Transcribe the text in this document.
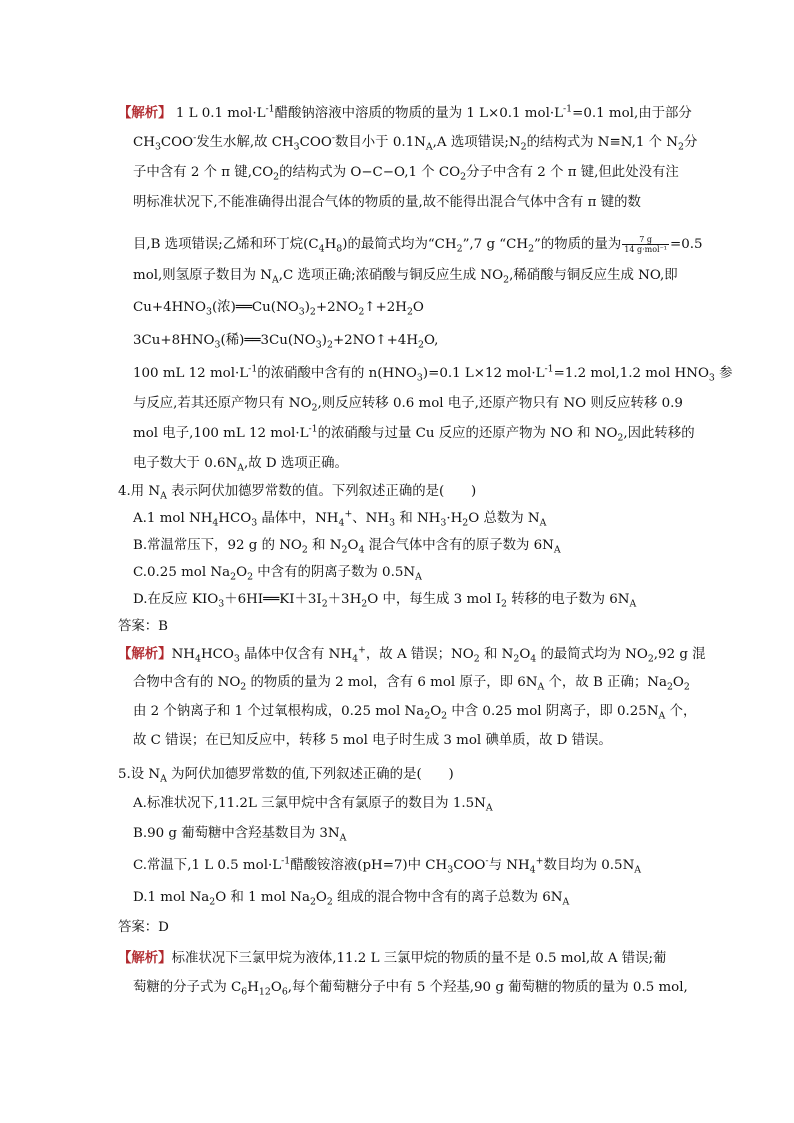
【解析】 1 L 0.1 $mol\cdot L^{-1}$醋酸钠溶液中溶质的物质的量为 1 L×0.1 $mol\cdot L^{-1}=0.1$ mol,由于部分
$CH_3COO^-$发生水解,故 $CH_3COO^-$数目小于 $0.1N_A,A$ 选项错误$;N_2$的结构式为 N≡N,1 个 $N_2$分
子中含有 2 个 π 键$,CO_2$的结构式为 O−C−O,1 个 $CO_2$分子中含有 2 个 π 键,但此处没有注
明标准状况下,不能准确得出混合气体的物质的量,故不能得出混合气体中含有 π 键的数
目,B 选项错误;乙烯和环丁烷$(C_4H_8)$的最简式均为“$CH_2”,7$ g “$CH_2$”的物质的量为 $\frac{7 g}{\text{14 g·mol⁻¹}} =0.5$
mol,则氢原子数目为 $N_A,C$ 选项正确;浓硝酸与铜反应生成 $NO_2$,稀硝酸与铜反应生成 NO,即
$Cu+4HNO_3$(浓)$══Cu(NO_3)_2+2NO_2↑+2H_2O$
$3Cu+8HNO_3$(稀)$══3Cu(NO_3)_2+2NO↑+4H_2O$,
100 mL 12 $mol\cdot L^{-1}$的浓硝酸中含有的 $n(HNO_3)=0.1$ L×12 $mol\cdot L^{-1}=1.2$ mol,1.2 mol $HNO_3$ 参
与反应,若其还原产物只有 $NO_2$,则反应转移 0.6 mol 电子,还原产物只有 NO 则反应转移 0.9
mol 电子,100 mL 12 $mol\cdot L^{-1}$的浓硝酸与过量 Cu 反应的还原产物为 NO 和 $NO_2$,因此转移的
电子数大于 $0.6N_A$,故 D 选项正确。
4.用 $N_A$ 表示阿伏加德罗常数的值。下列叙述正确的是(　　)
A.1 mol $NH_4HCO_3$ 晶体中，$NH_4^+$、$NH_3$ 和 $NH_3\cdot H_2O$ 总数为 $N_A$
B.常温常压下，92 g 的 $NO_2$ 和 $N_2O_4$ 混合气体中含有的原子数为 $6N_A$
C.0.25 mol $Na_2O_2$ 中含有的阴离子数为 $0.5N_A$
D.在反应 $KIO_3+6HI══KI+3I_2+3H_2O$ 中，每生成 3 mol $I_2$ 转移的电子数为 $6N_A$
答案：B
【解析】$NH_4HCO_3$ 晶体中仅含有 $NH_4^+$，故 A 错误；$NO_2$ 和 $N_2O_4$ 的最简式均为 $NO_2,92$ g 混
合物中含有的 $NO_2$ 的物质的量为 2 mol，含有 6 mol 原子，即 $6N_A$ 个，故 B 正确；$Na_2O_2$
由 2 个钠离子和 1 个过氧根构成，0.25 mol $Na_2O_2$ 中含 0.25 mol 阴离子，即 $0.25N_A$ 个，
故 C 错误；在已知反应中，转移 5 mol 电子时生成 3 mol 碘单质，故 D 错误。
5.设 $N_A$ 为阿伏加德罗常数的值,下列叙述正确的是(　　)
A.标准状况下,11.2L 三氯甲烷中含有氯原子的数目为 $1.5N_A$
B.90 g 葡萄糖中含羟基数目为 $3N_A$
C.常温下,1 L 0.5 $mol\cdot L^{-1}$醋酸铵溶液(pH=7)中 $CH_3COO^-$与 $NH_4^+$数目均为 $0.5N_A$
D.1 mol $Na_2O$ 和 1 mol $Na_2O_2$ 组成的混合物中含有的离子总数为 $6N_A$
答案：D
【解析】标准状况下三氯甲烷为液体,11.2 L 三氯甲烷的物质的量不是 0.5 mol,故 A 错误;葡
萄糖的分子式为 $C_6H_{12}O_6$,每个葡萄糖分子中有 5 个羟基,90 g 葡萄糖的物质的量为 0.5 mol,
